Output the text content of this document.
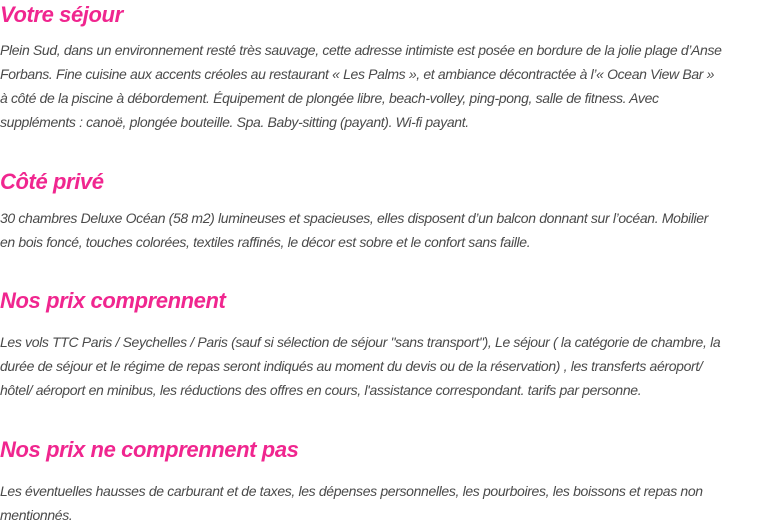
Votre séjour

Plein Sud, dans un environnement resté très sauvage, cette adresse intimiste est posée en bordure de la jolie plage d’Anse
Forbans. Fine cuisine aux accents créoles au restaurant « Les Palms », et ambiance décontractée à l’« Ocean View Bar »
à côté de la piscine à débordement. Équipement de plongée libre, beach-volley, ping-pong, salle de fitness. Avec
suppléments : canoë, plongée bouteille. Spa. Baby-sitting (payant). Wi-fi payant.

Côté privé

30 chambres Deluxe Océan (58 m2) lumineuses et spacieuses, elles disposent d’un balcon donnant sur l’océan. Mobilier
en bois foncé, touches colorées, textiles raffinés, le décor est sobre et le confort sans faille.

Nos prix comprennent

Les vols TTC Paris / Seychelles / Paris (sauf si sélection de séjour "sans transport"), Le séjour ( la catégorie de chambre, la
durée de séjour et le régime de repas seront indiqués au moment du devis ou de la réservation) , les transferts aéroport/
hôtel/ aéroport en minibus, les réductions des offres en cours, l'assistance correspondant. tarifs par personne.

Nos prix ne comprennent pas

Les éventuelles hausses de carburant et de taxes, les dépenses personnelles, les pourboires, les boissons et repas non
mentionnés.
